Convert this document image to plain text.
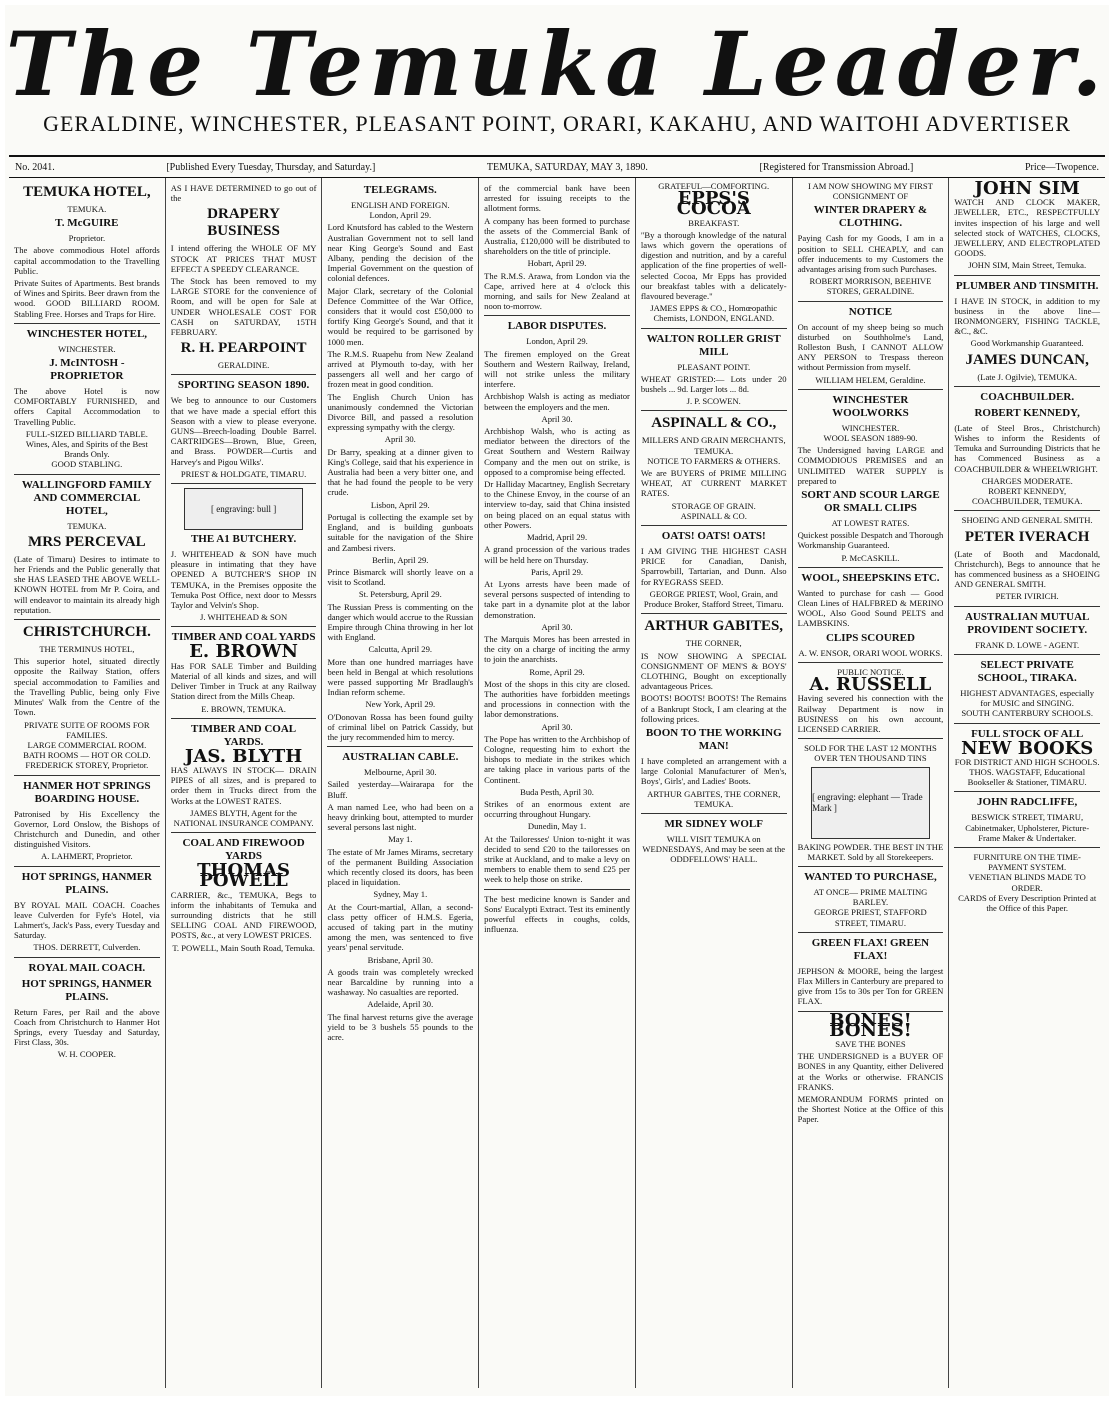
The Temuka Leader.
GERALDINE, WINCHESTER, PLEASANT POINT, ORARI, KAKAHU, AND WAITOHI ADVERTISER
No. 2041.	[Published Every Tuesday, Thursday, and Saturday.]	TEMUKA, SATURDAY, MAY 3, 1890.	[Registered for Transmission Abroad.]	Price—Twopence.
TEMUKA HOTEL,
TEMUKA.
T. McGUIRE
Proprietor.

The above commodious Hotel affords capital accommodation to the Travelling Public.

Private Suites of Apartments. Best brands of Wines and Spirits. Beer drawn from the wood. GOOD BILLIARD ROOM. Stabling Free. Horses and Traps for Hire.

WINCHESTER HOTEL,
WINCHESTER.
J. McINTOSH - PROPRIETOR

The above Hotel is now COMFORTABLY FURNISHED, and offers Capital Accommodation to Travelling Public.

FULL-SIZED BILLIARD TABLE.
Wines, Ales, and Spirits of the Best Brands Only.
GOOD STABLING.
WALLINGFORD FAMILY AND COMMERCIAL HOTEL,
TEMUKA.
MRS PERCEVAL

(Late of Timaru) Desires to intimate to her Friends and the Public generally that she HAS LEASED THE ABOVE WELL-KNOWN HOTEL from Mr P. Coira, and will endeavor to maintain its already high reputation.

CHRISTCHURCH.
THE TERMINUS HOTEL,

This superior hotel, situated directly opposite the Railway Station, offers special accommodation to Families and the Travelling Public, being only Five Minutes' Walk from the Centre of the Town.

PRIVATE SUITE OF ROOMS FOR FAMILIES.
LARGE COMMERCIAL ROOM.
BATH ROOMS — HOT OR COLD.
FREDERICK STOREY, Proprietor.
HANMER HOT SPRINGS BOARDING HOUSE.

Patronised by His Excellency the Governor, Lord Onslow, the Bishops of Christchurch and Dunedin, and other distinguished Visitors.

A. LAHMERT, Proprietor.
HOT SPRINGS, HANMER PLAINS.

BY ROYAL MAIL COACH. Coaches leave Culverden for Fyfe's Hotel, via Lahmert's, Jack's Pass, every Tuesday and Saturday.

THOS. DERRETT, Culverden.
ROYAL MAIL COACH.
HOT SPRINGS, HANMER PLAINS.

Return Fares, per Rail and the above Coach from Christchurch to Hanmer Hot Springs, every Tuesday and Saturday, First Class, 30s.

W. H. COOPER.

AS I HAVE DETERMINED to go out of the

DRAPERY BUSINESS

I intend offering the WHOLE OF MY STOCK AT PRICES THAT MUST EFFECT A SPEEDY CLEARANCE.

The Stock has been removed to my LARGE STORE for the convenience of Room, and will be open for Sale at UNDER WHOLESALE COST FOR CASH on SATURDAY, 15TH FEBRUARY.

R. H. PEARPOINT
GERALDINE.
SPORTING SEASON 1890.

We beg to announce to our Customers that we have made a special effort this Season with a view to please everyone. GUNS—Breech-loading Double Barrel. CARTRIDGES—Brown, Blue, Green, and Brass. POWDER—Curtis and Harvey's and Pigou Wilks'.

PRIEST & HOLDGATE, TIMARU.
[ engraving: bull ]
THE A1 BUTCHERY.

J. WHITEHEAD & SON have much pleasure in intimating that they have OPENED A BUTCHER'S SHOP IN TEMUKA, in the Premises opposite the Temuka Post Office, next door to Messrs Taylor and Velvin's Shop.

J. WHITEHEAD & SON
TIMBER AND COAL YARDS
E. BROWN

Has FOR SALE Timber and Building Material of all kinds and sizes, and will Deliver Timber in Truck at any Railway Station direct from the Mills Cheap.

E. BROWN, TEMUKA.
TIMBER AND COAL YARDS.
JAS. BLYTH

HAS ALWAYS IN STOCK— DRAIN PIPES of all sizes, and is prepared to order them in Trucks direct from the Works at the LOWEST RATES.

JAMES BLYTH, Agent for the NATIONAL INSURANCE COMPANY.
COAL AND FIREWOOD YARDS
THOMAS POWELL

CARRIER, &c., TEMUKA, Begs to inform the inhabitants of Temuka and surrounding districts that he still SELLING COAL AND FIREWOOD, POSTS, &c., at very LOWEST PRICES.

T. POWELL, Main South Road, Temuka.
TELEGRAMS.
ENGLISH AND FOREIGN.
London, April 29.

Lord Knutsford has cabled to the Western Australian Government not to sell land near King George's Sound and East Albany, pending the decision of the Imperial Government on the question of colonial defences.

Major Clark, secretary of the Colonial Defence Committee of the War Office, considers that it would cost £50,000 to fortify King George's Sound, and that it would be required to be garrisoned by 1000 men.

The R.M.S. Ruapehu from New Zealand arrived at Plymouth to-day, with her passengers all well and her cargo of frozen meat in good condition.

The English Church Union has unanimously condemned the Victorian Divorce Bill, and passed a resolution expressing sympathy with the clergy.

April 30.

Dr Barry, speaking at a dinner given to King's College, said that his experience in Australia had been a very bitter one, and that he had found the people to be very crude.

Lisbon, April 29.

Portugal is collecting the example set by England, and is building gunboats suitable for the navigation of the Shire and Zambesi rivers.

Berlin, April 29.

Prince Bismarck will shortly leave on a visit to Scotland.

St. Petersburg, April 29.

The Russian Press is commenting on the danger which would accrue to the Russian Empire through China throwing in her lot with England.

Calcutta, April 29.

More than one hundred marriages have been held in Bengal at which resolutions were passed supporting Mr Bradlaugh's Indian reform scheme.

New York, April 29.

O'Donovan Rossa has been found guilty of criminal libel on Patrick Cassidy, but the jury recommended him to mercy.

AUSTRALIAN CABLE.
Melbourne, April 30.

Sailed yesterday—Wairarapa for the Bluff.

A man named Lee, who had been on a heavy drinking bout, attempted to murder several persons last night.

May 1.

The estate of Mr James Mirams, secretary of the permanent Building Association which recently closed its doors, has been placed in liquidation.

Sydney, May 1.

At the Court-martial, Allan, a second-class petty officer of H.M.S. Egeria, accused of taking part in the mutiny among the men, was sentenced to five years' penal servitude.

Brisbane, April 30.

A goods train was completely wrecked near Barcaldine by running into a washaway. No casualties are reported.

Adelaide, April 30.

The final harvest returns give the average yield to be 3 bushels 55 pounds to the acre.

of the commercial bank have been arrested for issuing receipts to the allotment forms.

A company has been formed to purchase the assets of the Commercial Bank of Australia, £120,000 will be distributed to shareholders on the title of principle.

Hobart, April 29.

The R.M.S. Arawa, from London via the Cape, arrived here at 4 o'clock this morning, and sails for New Zealand at noon to-morrow.

LABOR DISPUTES.
London, April 29.

The firemen employed on the Great Southern and Western Railway, Ireland, will not strike unless the military interfere.

Archbishop Walsh is acting as mediator between the employers and the men.

April 30.

Archbishop Walsh, who is acting as mediator between the directors of the Great Southern and Western Railway Company and the men out on strike, is opposed to a compromise being effected.

Dr Halliday Macartney, English Secretary to the Chinese Envoy, in the course of an interview to-day, said that China insisted on being placed on an equal status with other Powers.

Madrid, April 29.

A grand procession of the various trades will be held here on Thursday.

Paris, April 29.

At Lyons arrests have been made of several persons suspected of intending to take part in a dynamite plot at the labor demonstration.

April 30.

The Marquis Mores has been arrested in the city on a charge of inciting the army to join the anarchists.

Rome, April 29.

Most of the shops in this city are closed. The authorities have forbidden meetings and processions in connection with the labor demonstrations.

April 30.

The Pope has written to the Archbishop of Cologne, requesting him to exhort the bishops to mediate in the strikes which are taking place in various parts of the Continent.

Buda Pesth, April 30.

Strikes of an enormous extent are occurring throughout Hungary.

Dunedin, May 1.

At the Tailoresses' Union to-night it was decided to send £20 to the tailoresses on strike at Auckland, and to make a levy on members to enable them to send £25 per week to help those on strike.

The best medicine known is Sander and Sons' Eucalypti Extract. Test its eminently powerful effects in coughs, colds, influenza.

GRATEFUL—COMFORTING.
EPPS'S COCOA
BREAKFAST.

"By a thorough knowledge of the natural laws which govern the operations of digestion and nutrition, and by a careful application of the fine properties of well-selected Cocoa, Mr Epps has provided our breakfast tables with a delicately-flavoured beverage."

JAMES EPPS & CO., Homœopathic Chemists, LONDON, ENGLAND.
WALTON ROLLER GRIST MILL
PLEASANT POINT.

WHEAT GRISTED:— Lots under 20 bushels ... 9d. Larger lots ... 8d.

J. P. SCOWEN.
ASPINALL & CO.,
MILLERS AND GRAIN MERCHANTS, TEMUKA.
NOTICE TO FARMERS & OTHERS.

We are BUYERS of PRIME MILLING WHEAT, AT CURRENT MARKET RATES.

STORAGE OF GRAIN.
ASPINALL & CO.
OATS! OATS! OATS!

I AM GIVING THE HIGHEST CASH PRICE for Canadian, Danish, Sparrowbill, Tartarian, and Dunn. Also for RYEGRASS SEED.

GEORGE PRIEST, Wool, Grain, and Produce Broker, Stafford Street, Timaru.
ARTHUR GABITES,
THE CORNER,

IS NOW SHOWING A SPECIAL CONSIGNMENT OF MEN'S & BOYS' CLOTHING, Bought on exceptionally advantageous Prices.

BOOTS! BOOTS! BOOTS! The Remains of a Bankrupt Stock, I am clearing at the following prices.

BOON TO THE WORKING MAN!

I have completed an arrangement with a large Colonial Manufacturer of Men's, Boys', Girls', and Ladies' Boots.

ARTHUR GABITES, THE CORNER, TEMUKA.
MR SIDNEY WOLF
WILL VISIT TEMUKA on WEDNESDAYS, And may be seen at the ODDFELLOWS' HALL.
I AM NOW SHOWING MY FIRST CONSIGNMENT OF
WINTER DRAPERY & CLOTHING.

Paying Cash for my Goods, I am in a position to SELL CHEAPLY, and can offer inducements to my Customers the advantages arising from such Purchases.

ROBERT MORRISON, BEEHIVE STORES, GERALDINE.
NOTICE

On account of my sheep being so much disturbed on Southholme's Land, Rolleston Bush, I CANNOT ALLOW ANY PERSON to Trespass thereon without Permission from myself.

WILLIAM HELEM, Geraldine.
WINCHESTER WOOLWORKS
WINCHESTER.
WOOL SEASON 1889-90.

The Undersigned having LARGE and COMMODIOUS PREMISES and an UNLIMITED WATER SUPPLY is prepared to

SORT AND SCOUR LARGE OR SMALL CLIPS
AT LOWEST RATES.

Quickest possible Despatch and Thorough Workmanship Guaranteed.

P. McCASKILL.
WOOL, SHEEPSKINS ETC.

Wanted to purchase for cash — Good Clean Lines of HALFBRED & MERINO WOOL, Also Good Sound PELTS and LAMBSKINS.

CLIPS SCOURED
A. W. ENSOR, ORARI WOOL WORKS.
PUBLIC NOTICE.
A. RUSSELL

Having severed his connection with the Railway Department is now in BUSINESS on his own account, LICENSED CARRIER.

SOLD FOR THE LAST 12 MONTHS OVER TEN THOUSAND TINS
[ engraving: elephant — Trade Mark ]
BAKING POWDER. THE BEST IN THE MARKET. Sold by all Storekeepers.
WANTED TO PURCHASE,
AT ONCE— PRIME MALTING BARLEY.
GEORGE PRIEST, STAFFORD STREET, TIMARU.
GREEN FLAX! GREEN FLAX!

JEPHSON & MOORE, being the largest Flax Millers in Canterbury are prepared to give from 15s to 30s per Ton for GREEN FLAX.

BONES! BONES!
SAVE THE BONES

THE UNDERSIGNED is a BUYER OF BONES in any Quantity, either Delivered at the Works or otherwise. FRANCIS FRANKS.

MEMORANDUM FORMS printed on the Shortest Notice at the Office of this Paper.

JOHN SIM

WATCH AND CLOCK MAKER, JEWELLER, ETC., RESPECTFULLY invites inspection of his large and well selected stock of WATCHES, CLOCKS, JEWELLERY, AND ELECTROPLATED GOODS.

JOHN SIM, Main Street, Temuka.
PLUMBER AND TINSMITH.

I HAVE IN STOCK, in addition to my business in the above line— IRONMONGERY, FISHING TACKLE, &C., &C.

Good Workmanship Guaranteed.
JAMES DUNCAN,
(Late J. Ogilvie), TEMUKA.
COACHBUILDER.
ROBERT KENNEDY,

(Late of Steel Bros., Christchurch) Wishes to inform the Residents of Temuka and Surrounding Districts that he has Commenced Business as a COACHBUILDER & WHEELWRIGHT.

CHARGES MODERATE.
ROBERT KENNEDY, COACHBUILDER, TEMUKA.
SHOEING AND GENERAL SMITH.
PETER IVERACH

(Late of Booth and Macdonald, Christchurch), Begs to announce that he has commenced business as a SHOEING AND GENERAL SMITH.

PETER IVIRICH.
AUSTRALIAN MUTUAL PROVIDENT SOCIETY.
FRANK D. LOWE - AGENT.
SELECT PRIVATE SCHOOL, TIRAKA.
HIGHEST ADVANTAGES, especially for MUSIC and SINGING.
SOUTH CANTERBURY SCHOOLS.
FULL STOCK OF ALL
NEW BOOKS
FOR DISTRICT AND HIGH SCHOOLS.
THOS. WAGSTAFF, Educational Bookseller & Stationer, TIMARU.
JOHN RADCLIFFE,
BESWICK STREET, TIMARU, Cabinetmaker, Upholsterer, Picture-Frame Maker & Undertaker.
FURNITURE ON THE TIME-PAYMENT SYSTEM.
VENETIAN BLINDS MADE TO ORDER.
CARDS of Every Description Printed at the Office of this Paper.
